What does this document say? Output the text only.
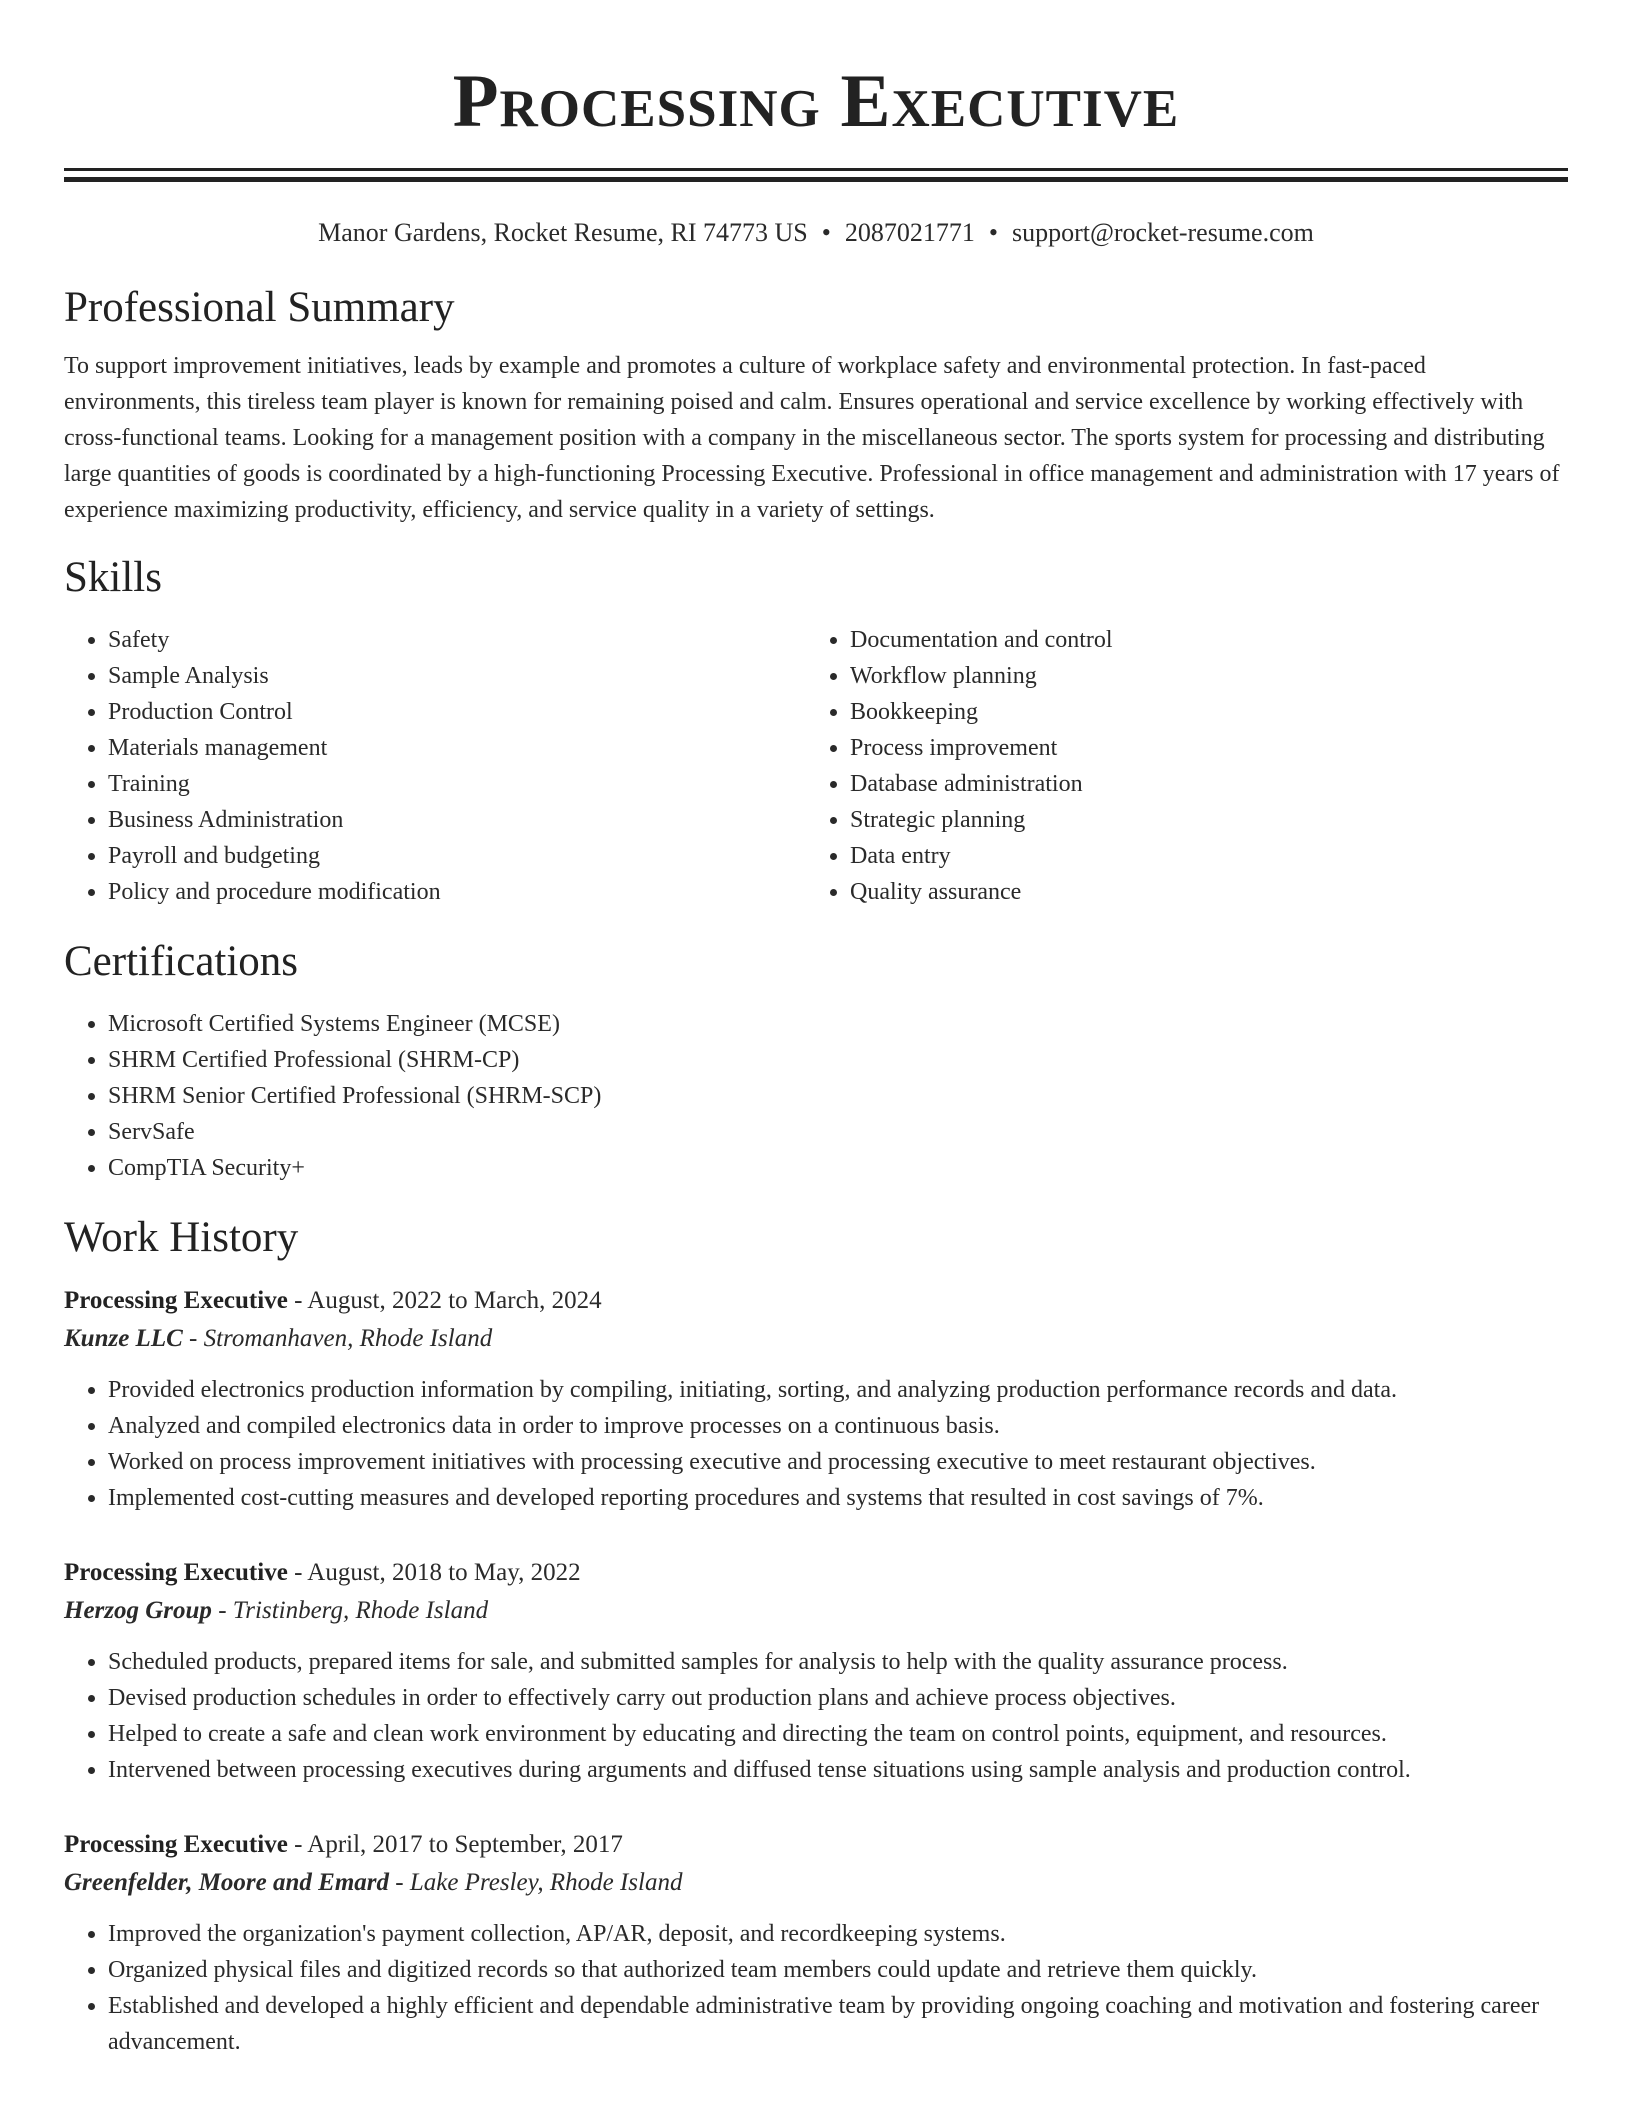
Processing Executive
Manor Gardens, Rocket Resume, RI 74773 US • 2087021771 • support@rocket-resume.com
Professional Summary

To support improvement initiatives, leads by example and promotes a culture of workplace safety and environmental protection. In fast-paced environments, this tireless team player is known for remaining poised and calm. Ensures operational and service excellence by working effectively with cross-functional teams. Looking for a management position with a company in the miscellaneous sector. The sports system for processing and distributing large quantities of goods is coordinated by a high-functioning Processing Executive. Professional in office management and administration with 17 years of experience maximizing productivity, efficiency, and service quality in a variety of settings.

Skills
• Safety
• Sample Analysis
• Production Control
• Materials management
• Training
• Business Administration
• Payroll and budgeting
• Policy and procedure modification
• Documentation and control
• Workflow planning
• Bookkeeping
• Process improvement
• Database administration
• Strategic planning
• Data entry
• Quality assurance
Certifications
• Microsoft Certified Systems Engineer (MCSE)
• SHRM Certified Professional (SHRM-CP)
• SHRM Senior Certified Professional (SHRM-SCP)
• ServSafe
• CompTIA Security+
Work History
Processing Executive - August, 2022 to March, 2024
Kunze LLC - Stromanhaven, Rhode Island
• Provided electronics production information by compiling, initiating, sorting, and analyzing production performance records and data.
• Analyzed and compiled electronics data in order to improve processes on a continuous basis.
• Worked on process improvement initiatives with processing executive and processing executive to meet restaurant objectives.
• Implemented cost-cutting measures and developed reporting procedures and systems that resulted in cost savings of 7%.
Processing Executive - August, 2018 to May, 2022
Herzog Group - Tristinberg, Rhode Island
• Scheduled products, prepared items for sale, and submitted samples for analysis to help with the quality assurance process.
• Devised production schedules in order to effectively carry out production plans and achieve process objectives.
• Helped to create a safe and clean work environment by educating and directing the team on control points, equipment, and resources.
• Intervened between processing executives during arguments and diffused tense situations using sample analysis and production control.
Processing Executive - April, 2017 to September, 2017
Greenfelder, Moore and Emard - Lake Presley, Rhode Island
• Improved the organization's payment collection, AP/AR, deposit, and recordkeeping systems.
• Organized physical files and digitized records so that authorized team members could update and retrieve them quickly.
• Established and developed a highly efficient and dependable administrative team by providing ongoing coaching and motivation and fostering career advancement.
